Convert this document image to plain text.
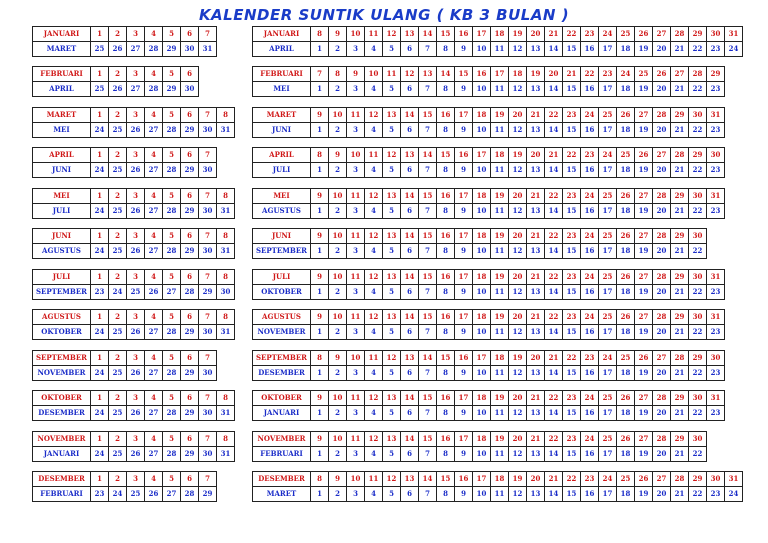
KALENDER SUNTIK ULANG ( KB 3 BULAN )
JANUARI	1	2	3	4	5	6	7	
MARET	25	26	27	28	29	30	31	
FEBRUARI	1	2	3	4	5	6		
APRIL	25	26	27	28	29	30		
MARET	1	2	3	4	5	6	7	8
MEI	24	25	26	27	28	29	30	31
APRIL	1	2	3	4	5	6	7	
JUNI	24	25	26	27	28	29	30	
MEI	1	2	3	4	5	6	7	8
JULI	24	25	26	27	28	29	30	31
JUNI	1	2	3	4	5	6	7	8
AGUSTUS	24	25	26	27	28	29	30	31
JULI	1	2	3	4	5	6	7	8
SEPTEMBER	23	24	25	26	27	28	29	30
AGUSTUS	1	2	3	4	5	6	7	8
OKTOBER	24	25	26	27	28	29	30	31
SEPTEMBER	1	2	3	4	5	6	7	
NOVEMBER	24	25	26	27	28	29	30	
OKTOBER	1	2	3	4	5	6	7	8
DESEMBER	24	25	26	27	28	29	30	31
NOVEMBER	1	2	3	4	5	6	7	8
JANUARI	24	25	26	27	28	29	30	31
DESEMBER	1	2	3	4	5	6	7	
FEBRUARI	23	24	25	26	27	28	29	
JANUARI	8	9	10	11	12	13	14	15	16	17	18	19	20	21	22	23	24	25	26	27	28	29	30	31
APRIL	1	2	3	4	5	6	7	8	9	10	11	12	13	14	15	16	17	18	19	20	21	22	23	24
FEBRUARI	7	8	9	10	11	12	13	14	15	16	17	18	19	20	21	22	23	24	25	26	27	28	29	
MEI	1	2	3	4	5	6	7	8	9	10	11	12	13	14	15	16	17	18	19	20	21	22	23	
MARET	9	10	11	12	13	14	15	16	17	18	19	20	21	22	23	24	25	26	27	28	29	30	31	
JUNI	1	2	3	4	5	6	7	8	9	10	11	12	13	14	15	16	17	18	19	20	21	22	23	
APRIL	8	9	10	11	12	13	14	15	16	17	18	19	20	21	22	23	24	25	26	27	28	29	30	
JULI	1	2	3	4	5	6	7	8	9	10	11	12	13	14	15	16	17	18	19	20	21	22	23	
MEI	9	10	11	12	13	14	15	16	17	18	19	20	21	22	23	24	25	26	27	28	29	30	31	
AGUSTUS	1	2	3	4	5	6	7	8	9	10	11	12	13	14	15	16	17	18	19	20	21	22	23	
JUNI	9	10	11	12	13	14	15	16	17	18	19	20	21	22	23	24	25	26	27	28	29	30		
SEPTEMBER	1	2	3	4	5	6	7	8	9	10	11	12	13	14	15	16	17	18	19	20	21	22		
JULI	9	10	11	12	13	14	15	16	17	18	19	20	21	22	23	24	25	26	27	28	29	30	31	
OKTOBER	1	2	3	4	5	6	7	8	9	10	11	12	13	14	15	16	17	18	19	20	21	22	23	
AGUSTUS	9	10	11	12	13	14	15	16	17	18	19	20	21	22	23	24	25	26	27	28	29	30	31	
NOVEMBER	1	2	3	4	5	6	7	8	9	10	11	12	13	14	15	16	17	18	19	20	21	22	23	
SEPTEMBER	8	9	10	11	12	13	14	15	16	17	18	19	20	21	22	23	24	25	26	27	28	29	30	
DESEMBER	1	2	3	4	5	6	7	8	9	10	11	12	13	14	15	16	17	18	19	20	21	22	23	
OKTOBER	9	10	11	12	13	14	15	16	17	18	19	20	21	22	23	24	25	26	27	28	29	30	31	
JANUARI	1	2	3	4	5	6	7	8	9	10	11	12	13	14	15	16	17	18	19	20	21	22	23	
NOVEMBER	9	10	11	12	13	14	15	16	17	18	19	20	21	22	23	24	25	26	27	28	29	30		
FEBRUARI	1	2	3	4	5	6	7	8	9	10	11	12	13	14	15	16	17	18	19	20	21	22		
DESEMBER	8	9	10	11	12	13	14	15	16	17	18	19	20	21	22	23	24	25	26	27	28	29	30	31
MARET	1	2	3	4	5	6	7	8	9	10	11	12	13	14	15	16	17	18	19	20	21	22	23	24
